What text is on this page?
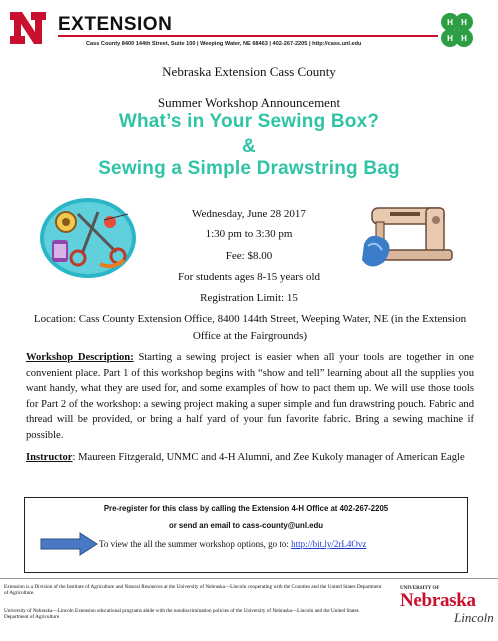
EXTENSION
Cass County 8400 144th Street, Suite 100 | Weeping Water, NE 68463 | 402-267-2205 | http://cass.unl.edu
H H
H H
Nebraska Extension Cass County
Summer Workshop Announcement
What’s in Your Sewing Box?
&
Sewing a Simple Drawstring Bag
Wednesday, June 28 2017
1:30 pm to 3:30 pm
Fee: $8.00
For students ages 8-15 years old
Registration Limit: 15
Location: Cass County Extension Office, 8400 144th Street, Weeping Water, NE (in the Extension Office at the Fairgrounds)
Workshop Description: Starting a sewing project is easier when all your tools are together in one convenient place. Part 1 of this workshop begins with “show and tell” learning about all the supplies you want handy, what they are used for, and some examples of how to pact them up. We will use those tools for Part 2 of the workshop: a sewing project making a super simple and fun drawstring pouch. Fabric and thread will be provided, or bring a half yard of your fun favorite fabric. Bring a sewing machine if possible.
Instructor: Maureen Fitzgerald, UNMC and 4-H Alumni, and Zee Kukoly manager of American Eagle
Pre-register for this class by calling the Extension 4-H Office at 402-267-2205
or send an email to cass-county@unl.edu
To view the all the summer workshop options, go to: http://bit.ly/2rL4Ovz
Extension is a Division of the Institute of Agriculture and Natural Resources at the University of Nebraska—Lincoln cooperating with the Counties and the United States Department of Agriculture.
University of Nebraska—Lincoln Extension educational programs abide with the nondiscrimination policies of the University of Nebraska—Lincoln and the United States Department of Agriculture.
UNIVERSITY OF
Nebraska
Lincoln
